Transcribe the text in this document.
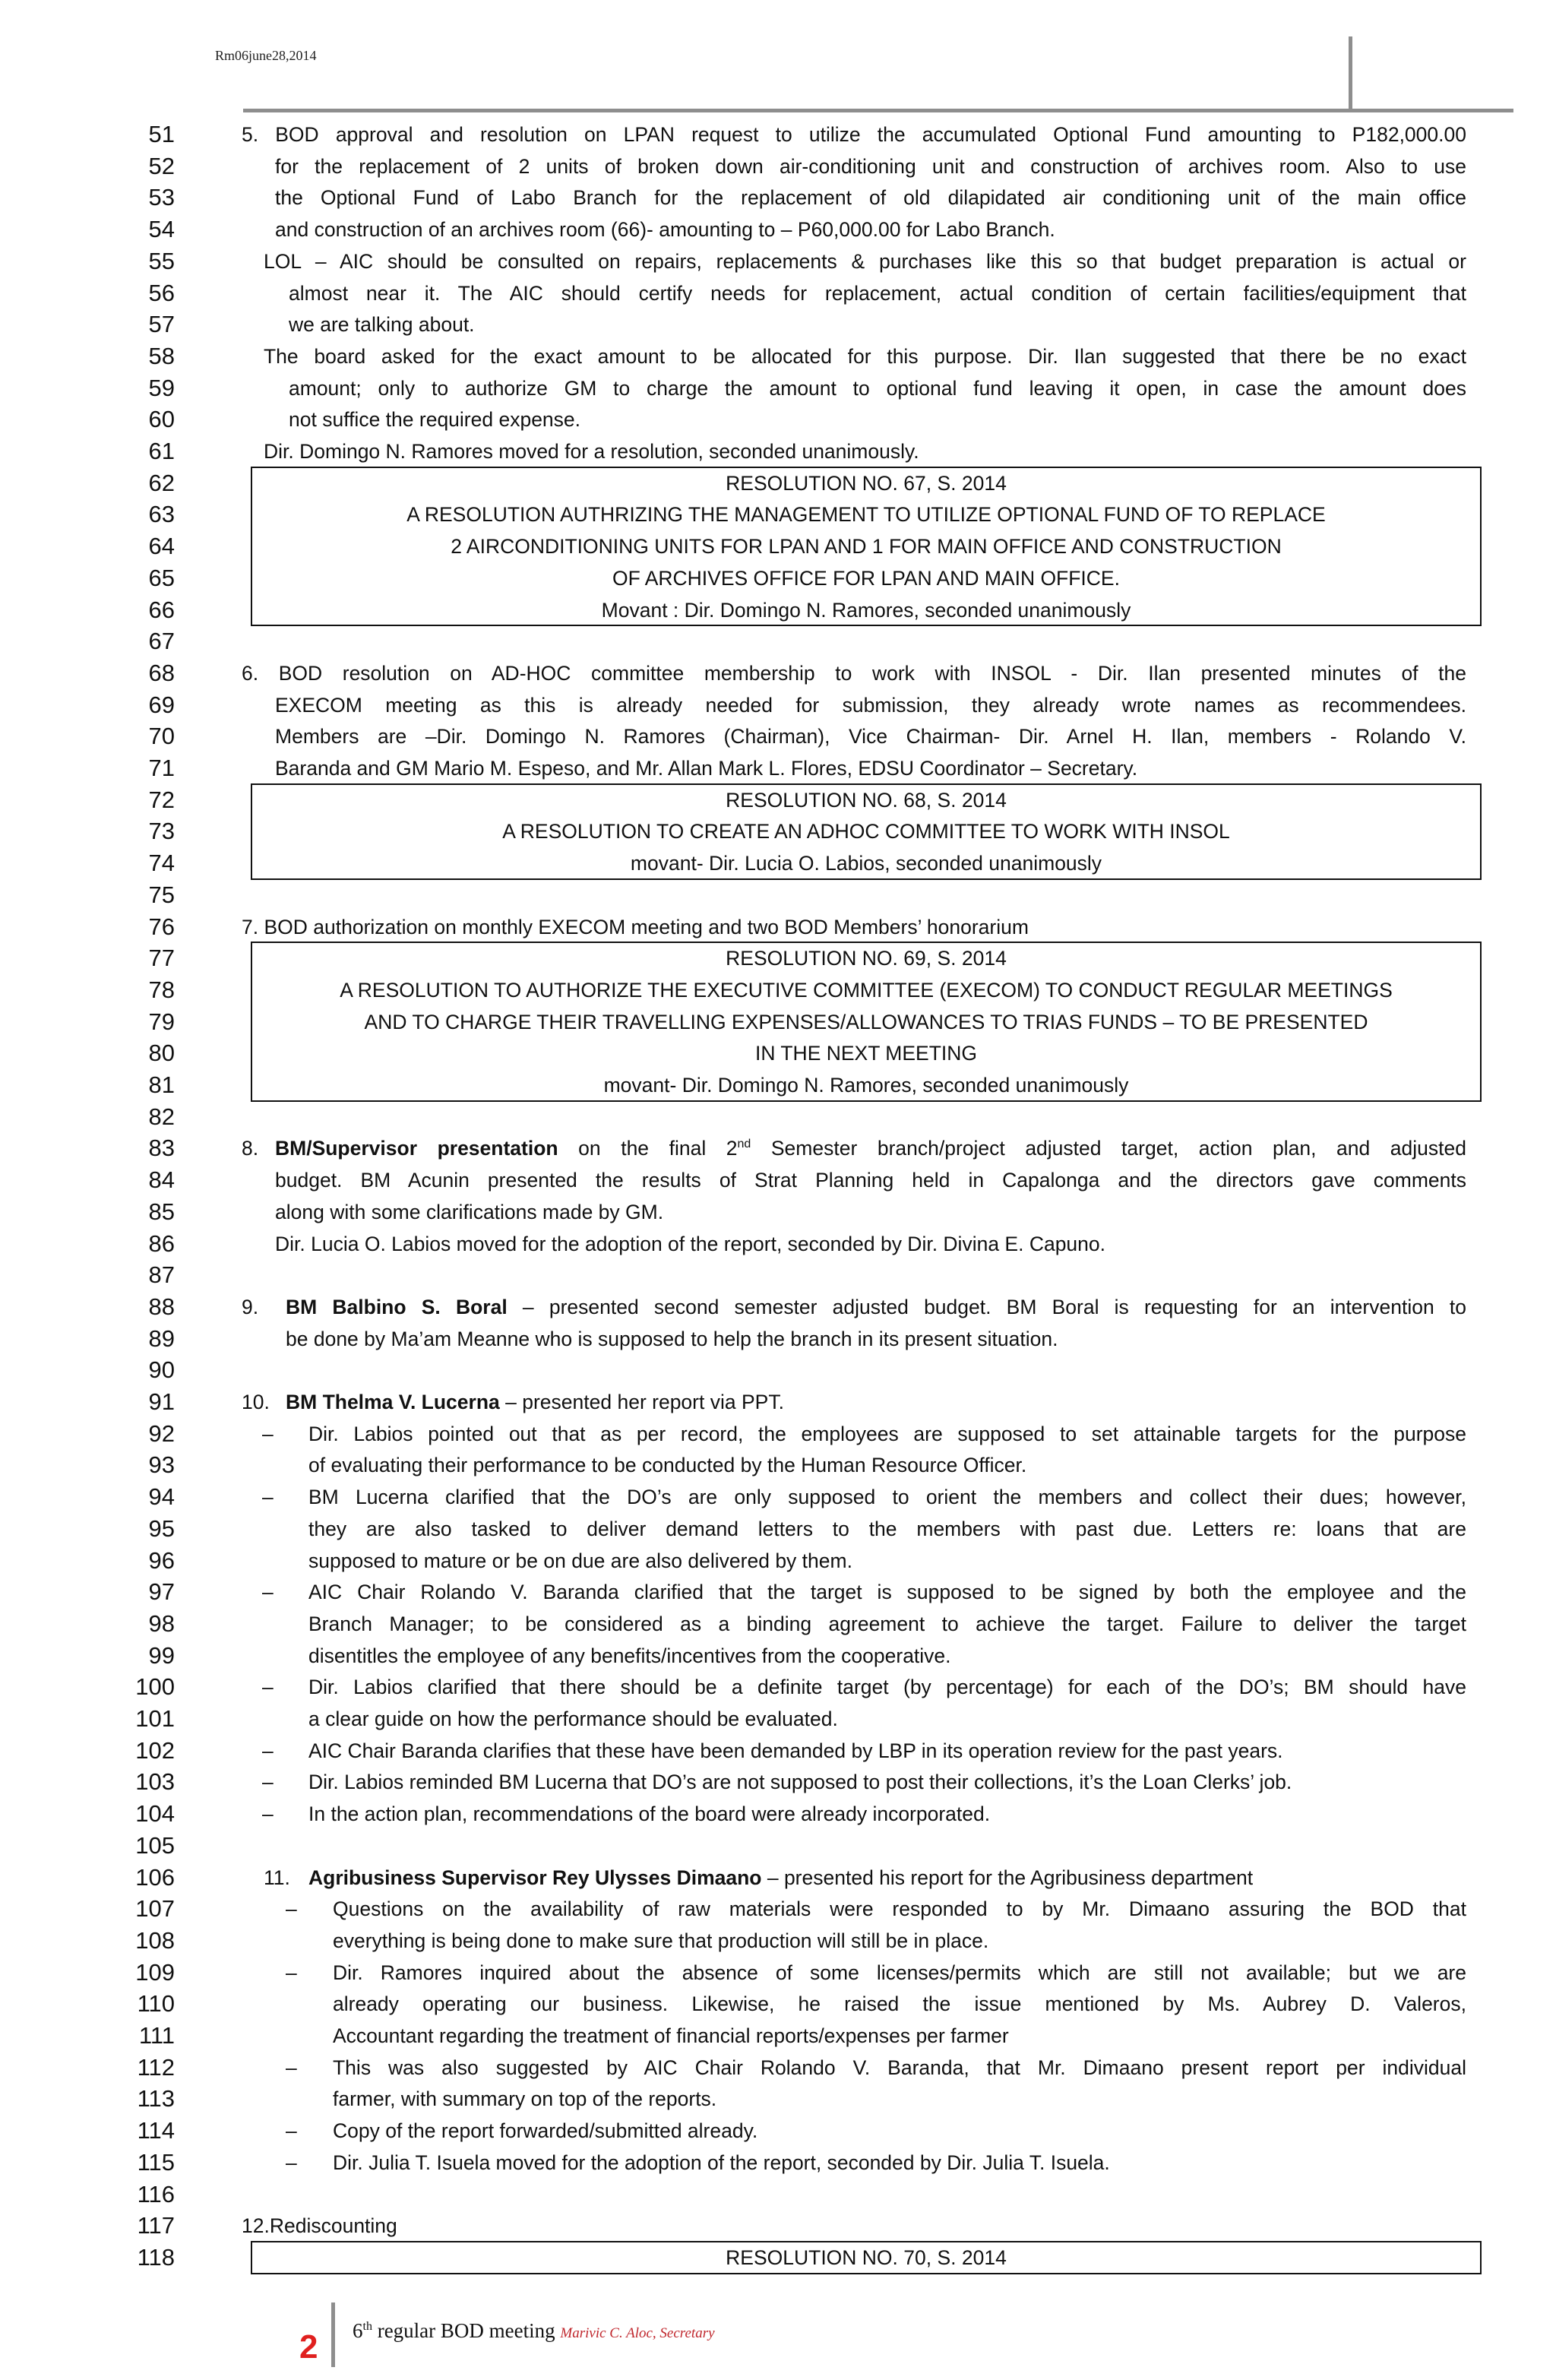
Rm06june28,2014
51
52
53
54
55
56
57
58
59
60
61
62
63
64
65
66
67
68
69
70
71
72
73
74
75
76
77
78
79
80
81
82
83
84
85
86
87
88
89
90
91
92
93
94
95
96
97
98
99
100
101
102
103
104
105
106
107
108
109
110
111
112
113
114
115
116
117
118
5. BOD approval and resolution on LPAN request to utilize the accumulated Optional Fund amounting to P182,000.00
for the replacement of 2 units of broken down air-conditioning unit and construction of archives room. Also to use
the Optional Fund of Labo Branch for the replacement of old dilapidated air conditioning unit of the main office
and construction of an archives room (66)- amounting to – P60,000.00 for Labo Branch.
LOL – AIC should be consulted on repairs, replacements & purchases like this so that budget preparation is actual or
almost near it. The AIC should certify needs for replacement, actual condition of certain facilities/equipment that
we are talking about.
The board asked for the exact amount to be allocated for this purpose. Dir. Ilan suggested that there be no exact
amount; only to authorize GM to charge the amount to optional fund leaving it open, in case the amount does
not suffice the required expense.
Dir. Domingo N. Ramores moved for a resolution, seconded unanimously.
RESOLUTION NO. 67, S. 2014
A RESOLUTION AUTHRIZING THE MANAGEMENT TO UTILIZE OPTIONAL FUND OF TO REPLACE
2 AIRCONDITIONING UNITS FOR LPAN AND 1 FOR MAIN OFFICE AND CONSTRUCTION
OF ARCHIVES OFFICE FOR LPAN AND MAIN OFFICE.
Movant : Dir. Domingo N. Ramores, seconded unanimously
6. BOD resolution on AD-HOC committee membership to work with INSOL - Dir. Ilan presented minutes of the
EXECOM meeting as this is already needed for submission, they already wrote names as recommendees.
Members are –Dir. Domingo N. Ramores (Chairman), Vice Chairman- Dir. Arnel H. Ilan, members - Rolando V.
Baranda and GM Mario M. Espeso, and Mr. Allan Mark L. Flores, EDSU Coordinator – Secretary.
RESOLUTION NO. 68, S. 2014
A RESOLUTION TO CREATE AN ADHOC COMMITTEE TO WORK WITH INSOL
movant- Dir. Lucia O. Labios, seconded unanimously
7. BOD authorization on monthly EXECOM meeting and two BOD Members’ honorarium
RESOLUTION NO. 69, S. 2014
A RESOLUTION TO AUTHORIZE THE EXECUTIVE COMMITTEE (EXECOM) TO CONDUCT REGULAR MEETINGS
AND TO CHARGE THEIR TRAVELLING EXPENSES/ALLOWANCES TO TRIAS FUNDS – TO BE PRESENTED
IN THE NEXT MEETING
movant- Dir. Domingo N. Ramores, seconded unanimously
8. BM/Supervisor presentation on the final 2nd Semester branch/project adjusted target, action plan, and adjusted
budget. BM Acunin presented the results of Strat Planning held in Capalonga and the directors gave comments
along with some clarifications made by GM.
Dir. Lucia O. Labios moved for the adoption of the report, seconded by Dir. Divina E. Capuno.
9. BM Balbino S. Boral – presented second semester adjusted budget. BM Boral is requesting for an intervention to
be done by Ma’am Meanne who is supposed to help the branch in its present situation.
10. BM Thelma V. Lucerna – presented her report via PPT.
– Dir. Labios pointed out that as per record, the employees are supposed to set attainable targets for the purpose
of evaluating their performance to be conducted by the Human Resource Officer.
– BM Lucerna clarified that the DO’s are only supposed to orient the members and collect their dues; however,
they are also tasked to deliver demand letters to the members with past due. Letters re: loans that are
supposed to mature or be on due are also delivered by them.
– AIC Chair Rolando V. Baranda clarified that the target is supposed to be signed by both the employee and the
Branch Manager; to be considered as a binding agreement to achieve the target. Failure to deliver the target
disentitles the employee of any benefits/incentives from the cooperative.
– Dir. Labios clarified that there should be a definite target (by percentage) for each of the DO’s; BM should have
a clear guide on how the performance should be evaluated.
– AIC Chair Baranda clarifies that these have been demanded by LBP in its operation review for the past years.
– Dir. Labios reminded BM Lucerna that DO’s are not supposed to post their collections, it’s the Loan Clerks’ job.
– In the action plan, recommendations of the board were already incorporated.
11. Agribusiness Supervisor Rey Ulysses Dimaano – presented his report for the Agribusiness department
– Questions on the availability of raw materials were responded to by Mr. Dimaano assuring the BOD that
everything is being done to make sure that production will still be in place.
– Dir. Ramores inquired about the absence of some licenses/permits which are still not available; but we are
already operating our business. Likewise, he raised the issue mentioned by Ms. Aubrey D. Valeros,
Accountant regarding the treatment of financial reports/expenses per farmer
– This was also suggested by AIC Chair Rolando V. Baranda, that Mr. Dimaano present report per individual
farmer, with summary on top of the reports.
– Copy of the report forwarded/submitted already.
– Dir. Julia T. Isuela moved for the adoption of the report, seconded by Dir. Julia T. Isuela.
12.Rediscounting
RESOLUTION NO. 70, S. 2014
2 6th regular BOD meeting Marivic C. Aloc, Secretary
